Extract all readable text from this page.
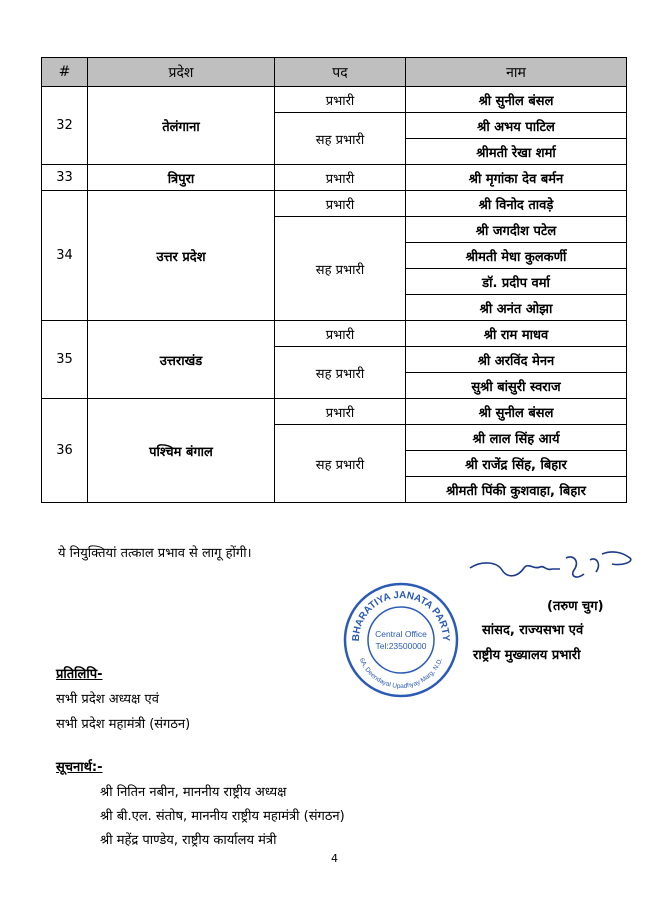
#	प्रदेश	पद	नाम
32	तेलंगाना	प्रभारी	श्री सुनील बंसल
		सह प्रभारी	श्री अभय पाटिल
			श्रीमती रेखा शर्मा
33	त्रिपुरा	प्रभारी	श्री मृगांका देव बर्मन
34	उत्तर प्रदेश	प्रभारी	श्री विनोद तावड़े
		सह प्रभारी	श्री जगदीश पटेल
			श्रीमती मेधा कुलकर्णी
			डॉ. प्रदीप वर्मा
			श्री अनंत ओझा
35	उत्तराखंड	प्रभारी	श्री राम माधव
		सह प्रभारी	श्री अरविंद मेनन
			सुश्री बांसुरी स्वराज
36	पश्चिम बंगाल	प्रभारी	श्री सुनील बंसल
		सह प्रभारी	श्री लाल सिंह आर्य
			श्री राजेंद्र सिंह, बिहार
			श्रीमती पिंकी कुशवाहा, बिहार
ये नियुक्तियां तत्काल प्रभाव से लागू होंगी।
BHARATIYA JANATA PARTY
6A, Deendayal Upadhyay Marg, N.D.
Central Office
Tel:23500000
(तरुण चुग)
सांसद, राज्यसभा एवं
राष्ट्रीय मुख्यालय प्रभारी
प्रतिलिपि-
सभी प्रदेश अध्यक्ष एवं
सभी प्रदेश महामंत्री (संगठन)
सूचनार्थ:-
श्री नितिन नबीन, माननीय राष्ट्रीय अध्यक्ष
श्री बी.एल. संतोष, माननीय राष्ट्रीय महामंत्री (संगठन)
श्री महेंद्र पाण्डेय, राष्ट्रीय कार्यालय मंत्री
4
